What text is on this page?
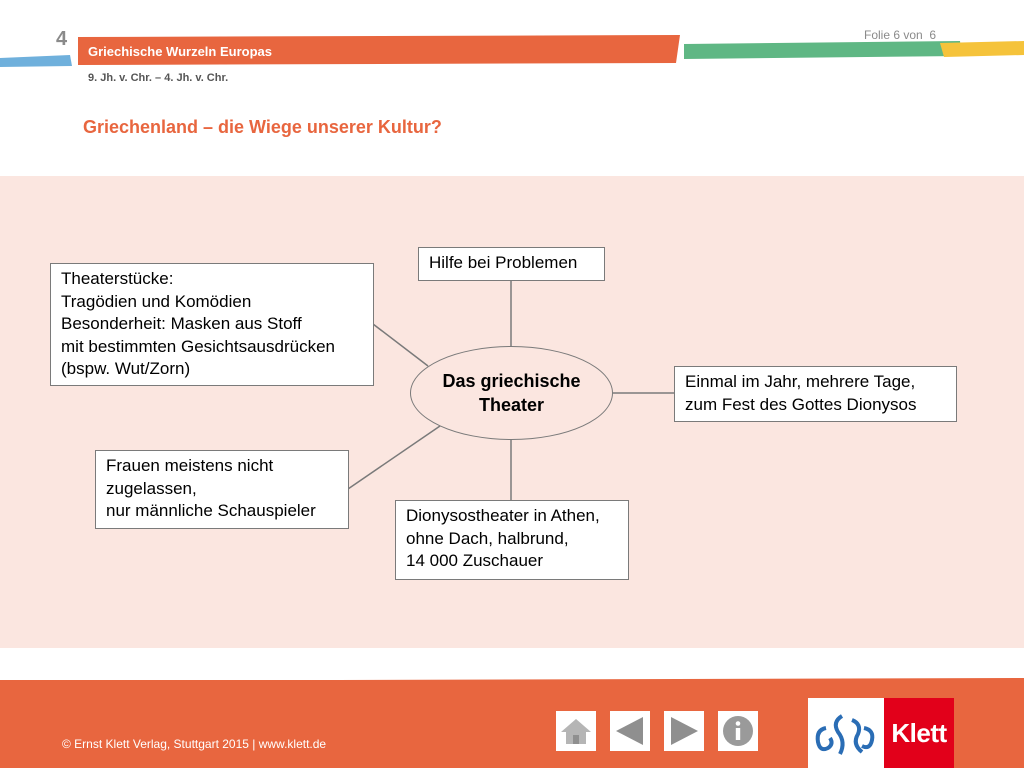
4	Folie 6 von  6
Griechische Wurzeln Europas
9. Jh. v. Chr. – 4. Jh. v. Chr.
Griechenland – die Wiege unserer Kultur?
Das griechische
Theater
Hilfe bei Problemen
Theaterstücke:
Tragödien und Komödien
Besonderheit: Masken aus Stoff
mit bestimmten Gesichtsausdrücken
(bspw. Wut/Zorn)
Einmal im Jahr, mehrere Tage,
zum Fest des Gottes Dionysos
Frauen meistens nicht
zugelassen,
nur männliche Schauspieler	Dionysostheater in Athen,
ohne Dach, halbrund,
14 000 Zuschauer
© Ernst Klett Verlag, Stuttgart 2015 | www.klett.de	Klett
